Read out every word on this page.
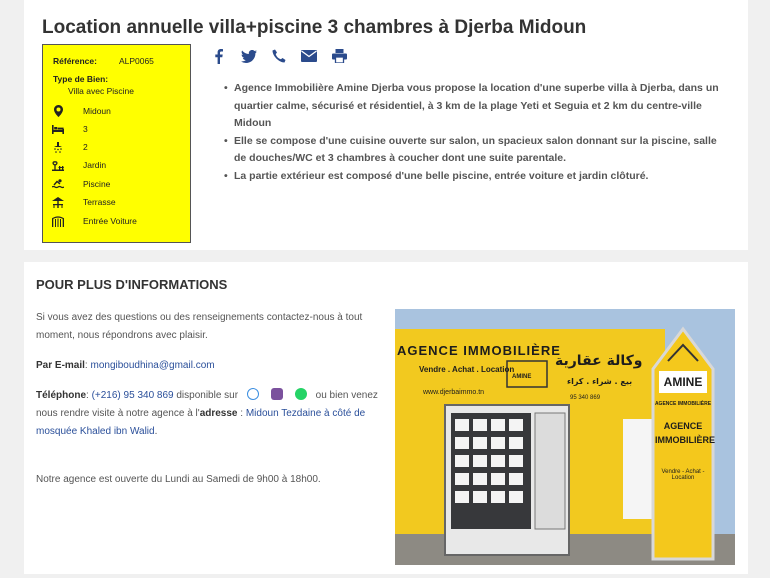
Location annuelle villa+piscine 3 chambres à Djerba Midoun
Référence:	ALP0065
Type de Bien:
Villa avec Piscine
Midoun
3
2
Jardin
Piscine
Terrasse
Entrée Voiture
• Agence Immobilière Amine Djerba vous propose la location d'une superbe villa à Djerba, dans un quartier calme, sécurisé et résidentiel, à 3 km de la plage Yeti et Seguia et 2 km du centre-ville Midoun
• Elle se compose d'une cuisine ouverte sur salon, un spacieux salon donnant sur la piscine, salle de douches/WC et 3 chambres à coucher dont une suite parentale.
• La partie extérieur est composé d'une belle piscine, entrée voiture et jardin clôturé.
POUR PLUS D'INFORMATIONS

Si vous avez des questions ou des renseignements contactez-nous à tout moment, nous répondrons avec plaisir.

Par E-mail: mongiboudhina@gmail.com

Téléphone: (+216) 95 340 869 disponible sur	ou bien venez nous rendre visite à notre agence à l'adresse : Midoun Tezdaine à côté de mosquée Khaled ibn Walid.

Notre agence est ouverte du Lundi au Samedi de 9h00 à 18h00.

AGENCE IMMOBILIÈRE
Vendre . Achat . Location
وكالة عقارية
بيع . شراء . كراء
AMINE
www.djerbaimmo.tn
95 340 869
AMINE
AGENCE IMMOBILIÈRE
AGENCE IMMOBILIÈRE
Vendre - Achat - Location
